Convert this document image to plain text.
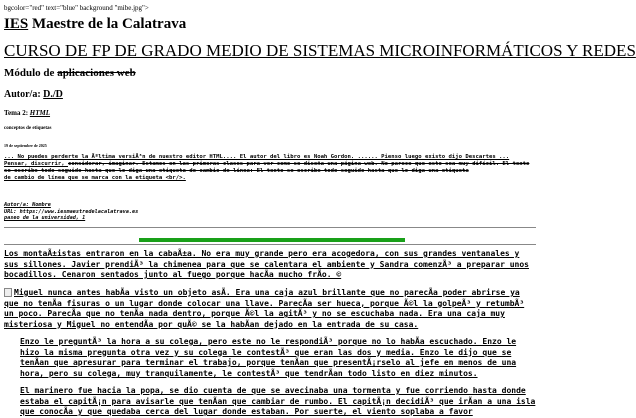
bgcolor="red" text="blue" background "mibe.jpg">
IES Maestre de la Calatrava
CURSO DE FP DE GRADO MEDIO DE SISTEMAS MICROINFORMÁTICOS Y REDES
Módulo de aplicaciones web
Autor/a: D./D
Tema 2: HTML
conceptos de etiquetas
19 de septiembre de 2025
... No puedes perderte la Ãºltima versiÃ³n de nuestro editor HTML.... El autor del libro es Noah Gordon. ...... Pienso luego existo dijo Descartes ... Pensar, discurrir, considerar, imaginar. Estamos en las primeras clases para ver como se diseña una página web. No parece que esto sea muy difícil. El texto se escribe todo seguido hasta que lo diga una etiqueta de cambio de línea: El texto se escribe todo seguido hasta que lo diga una etiqueta
de cambio de línea que se marca con la etiqueta <br/>.
Autor/a: Nombre
URL: https://www.iesmaestredelacalatrava.es
paseo de la universidad, 1
Los montaÃ±istas entraron en la cabaÃ±a. No era muy grande pero era acogedora, con sus grandes ventanales y sus sillones. Javier prendiÃ³ la chimenea para que se calentara el ambiente y Sandra comenzÃ³ a preparar unos bocadillos. Cenaron sentados junto al fuego porque hacÃa mucho frÃo. ©
Miguel nunca antes habÃa visto un objeto asÃ. Era una caja azul brillante que no parecÃa poder abrirse ya que no tenÃa fisuras o un lugar donde colocar una llave. ParecÃa ser hueca, porque Ã©l la golpeÃ³ y retumbÃ³ un poco. ParecÃa que no tenÃa nada dentro, porque Ã©l la agitÃ³ y no se escuchaba nada. Era una caja muy misteriosa y Miguel no entendÃa por quÃ© se la habÃan dejado en la entrada de su casa.
Enzo le preguntÃ³ la hora a su colega, pero este no le respondiÃ³ porque no lo habÃa escuchado. Enzo le hizo la misma pregunta otra vez y su colega le contestÃ³ que eran las dos y media. Enzo le dijo que se tenÃan que apresurar para terminar el trabajo, porque tenÃan que presentÃ¡rselo al jefe en menos de una hora, pero su colega, muy tranquilamente, le contestÃ³ que tendrÃan todo listo en diez minutos.
El marinero fue hacia la popa, se dio cuenta de que se avecinaba una tormenta y fue corriendo hasta donde estaba el capitÃ¡n para avisarle que tenÃan que cambiar de rumbo. El capitÃ¡n decidiÃ³ que irÃan a una isla que conocÃa y que quedaba cerca del lugar donde estaban. Por suerte, el viento soplaba a favor
